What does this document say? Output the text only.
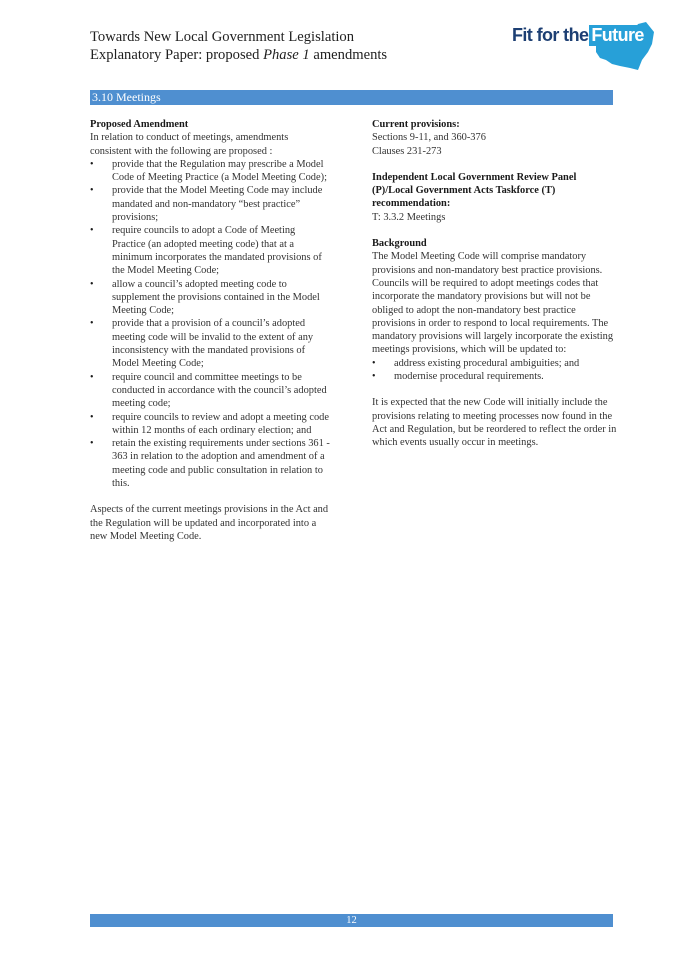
Towards New Local Government Legislation
Explanatory Paper: proposed Phase 1 amendments
Fit for the Future
3.10 Meetings
Proposed Amendment
In relation to conduct of meetings, amendments consistent with the following are proposed :
• provide that the Regulation may prescribe a Model Code of Meeting Practice (a Model Meeting Code);
• provide that the Model Meeting Code may include mandated and non-mandatory “best practice” provisions;
• require councils to adopt a Code of Meeting Practice (an adopted meeting code) that at a minimum incorporates the mandated provisions of the Model Meeting Code;
• allow a council’s adopted meeting code to supplement the provisions contained in the Model Meeting Code;
• provide that a provision of a council’s adopted meeting code will be invalid to the extent of any inconsistency with the mandated provisions of Model Meeting Code;
• require council and committee meetings to be conducted in accordance with the council’s adopted meeting code;
• require councils to review and adopt a meeting code within 12 months of each ordinary election; and
• retain the existing requirements under sections 361 - 363 in relation to the adoption and amendment of a meeting code and public consultation in relation to this.
Aspects of the current meetings provisions in the Act and the Regulation will be updated and incorporated into a new Model Meeting Code.
Current provisions:
Sections 9-11, and 360-376
Clauses 231-273
Independent Local Government Review Panel (P)/Local Government Acts Taskforce (T) recommendation:
T: 3.3.2 Meetings
Background
The Model Meeting Code will comprise mandatory provisions and non-mandatory best practice provisions. Councils will be required to adopt meetings codes that incorporate the mandatory provisions but will not be obliged to adopt the non-mandatory best practice provisions in order to respond to local requirements. The mandatory provisions will largely incorporate the existing meetings provisions, which will be updated to:
• address existing procedural ambiguities; and
• modernise procedural requirements.
It is expected that the new Code will initially include the provisions relating to meeting processes now found in the Act and Regulation, but be reordered to reflect the order in which events usually occur in meetings.
12
